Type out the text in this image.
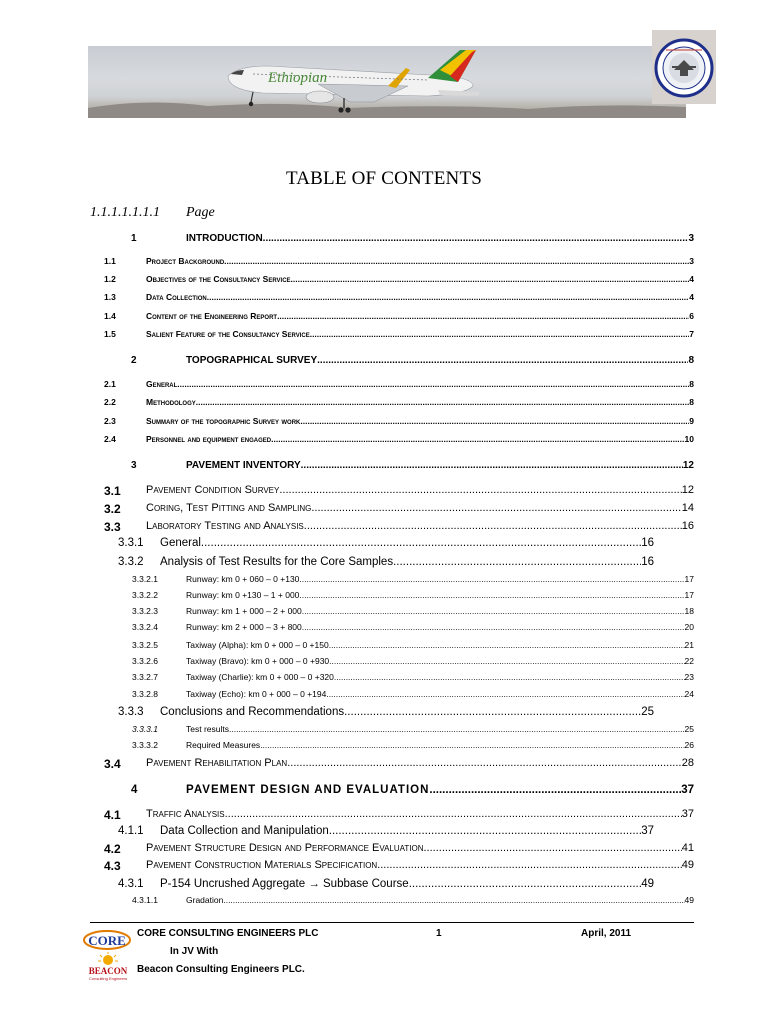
Ethiopian
TABLE OF CONTENTS
1.1.1.1.1.1.1 Page
1	INTRODUCTION .....	3
1.1	Project Background .....	3
1.2	Objectives of the Consultancy Service .....	4
1.3	Data Collection .....	4
1.4	Content of the Engineering Report .....	6
1.5	Salient Feature of the Consultancy Service .....	7
2	TOPOGRAPHICAL SURVEY .....	8
2.1	General .....	8
2.2	Methodology .....	8
2.3	Summary of the topographic Survey work .....	9
2.4	Personnel and equipment engaged .....	10
3	PAVEMENT INVENTORY .....	12
3.1 Pavement Condition Survey .....	12
3.2 Coring, Test Pitting and Sampling .....	14
3.3 Laboratory Testing and Analysis .....	16
3.3.1 General .....	16
3.3.2 Analysis of Test Results for the Core Samples .....	16
3.3.2.1	Runway: km 0 + 060 – 0 +130 .....	17
3.3.2.2	Runway: km 0 +130 – 1 + 000 .....	17
3.3.2.3	Runway: km 1 + 000 – 2 + 000 .....	18
3.3.2.4	Runway: km 2 + 000 – 3 + 800 .....	20
3.3.2.5	Taxiway (Alpha): km 0 + 000 – 0 +150 .....	21
3.3.2.6	Taxiway (Bravo): km 0 + 000 – 0 +930 .....	22
3.3.2.7	Taxiway (Charlie): km 0 + 000 – 0 +320 .....	23
3.3.2.8	Taxiway (Echo): km 0 + 000 – 0 +194 .....	24
3.3.3 Conclusions and Recommendations .....	25
3.3.3.1	Test results .....	25
3.3.3.2	Required Measures .....	26
3.4 Pavement Rehabilitation Plan .....	28
4	PAVEMENT DESIGN AND EVALUATION .....	37
4.1 Traffic Analysis .....	37
4.1.1 Data Collection and Manipulation .....	37
4.2 Pavement Structure Design and Performance Evaluation .....	41
4.3 Pavement Construction Materials Specification .....	49
4.3.1 P-154 Uncrushed Aggregate → Subbase Course .....	49
4.3.1.1	Gradation .....	49
CORE
BEACON
Consulting Engineers
CORE CONSULTING ENGINEERS PLC	1	April, 2011
In JV With
Beacon Consulting Engineers PLC.
